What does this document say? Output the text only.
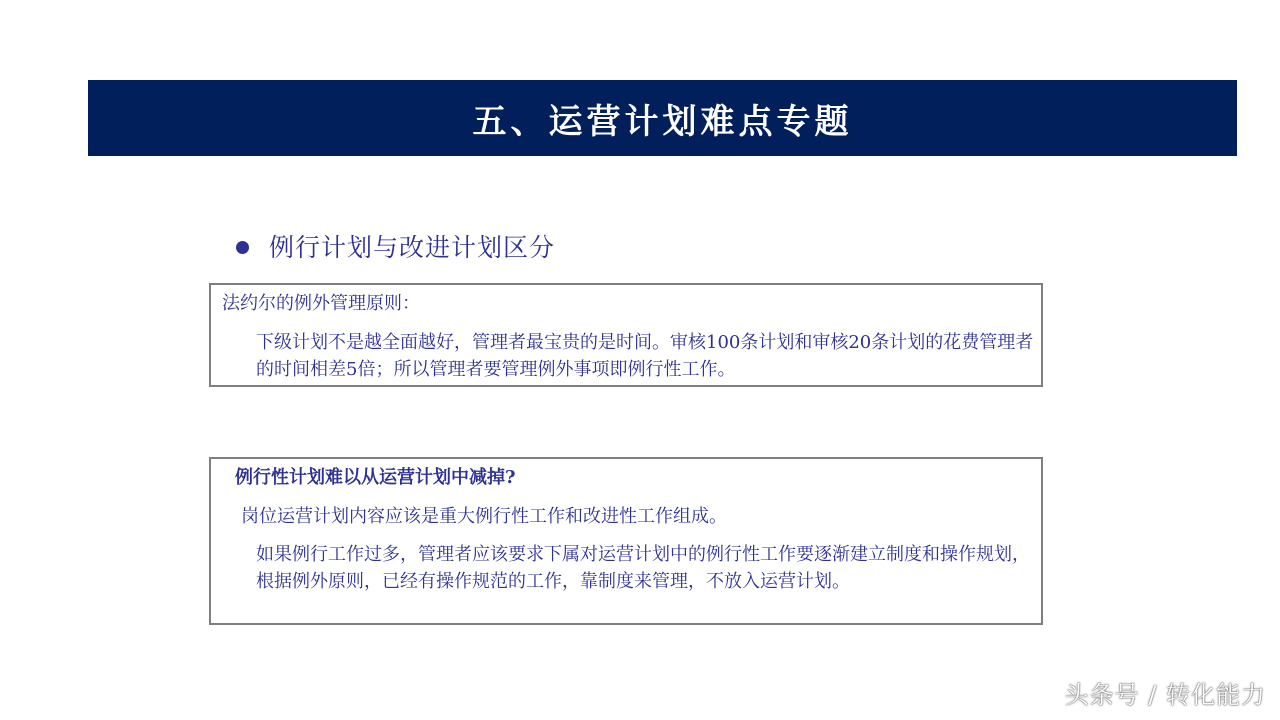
五、运营计划难点专题
例行计划与改进计划区分

法约尔的例外管理原则：

下级计划不是越全面越好，管理者最宝贵的是时间。审核100条计划和审核20条计划的花费管理者的时间相差5倍；所以管理者要管理例外事项即例行性工作。

例行性计划难以从运营计划中减掉?

岗位运营计划内容应该是重大例行性工作和改进性工作组成。

如果例行工作过多，管理者应该要求下属对运营计划中的例行性工作要逐渐建立制度和操作规划，根据例外原则，已经有操作规范的工作，靠制度来管理，不放入运营计划。

头条号 / 转化能力
